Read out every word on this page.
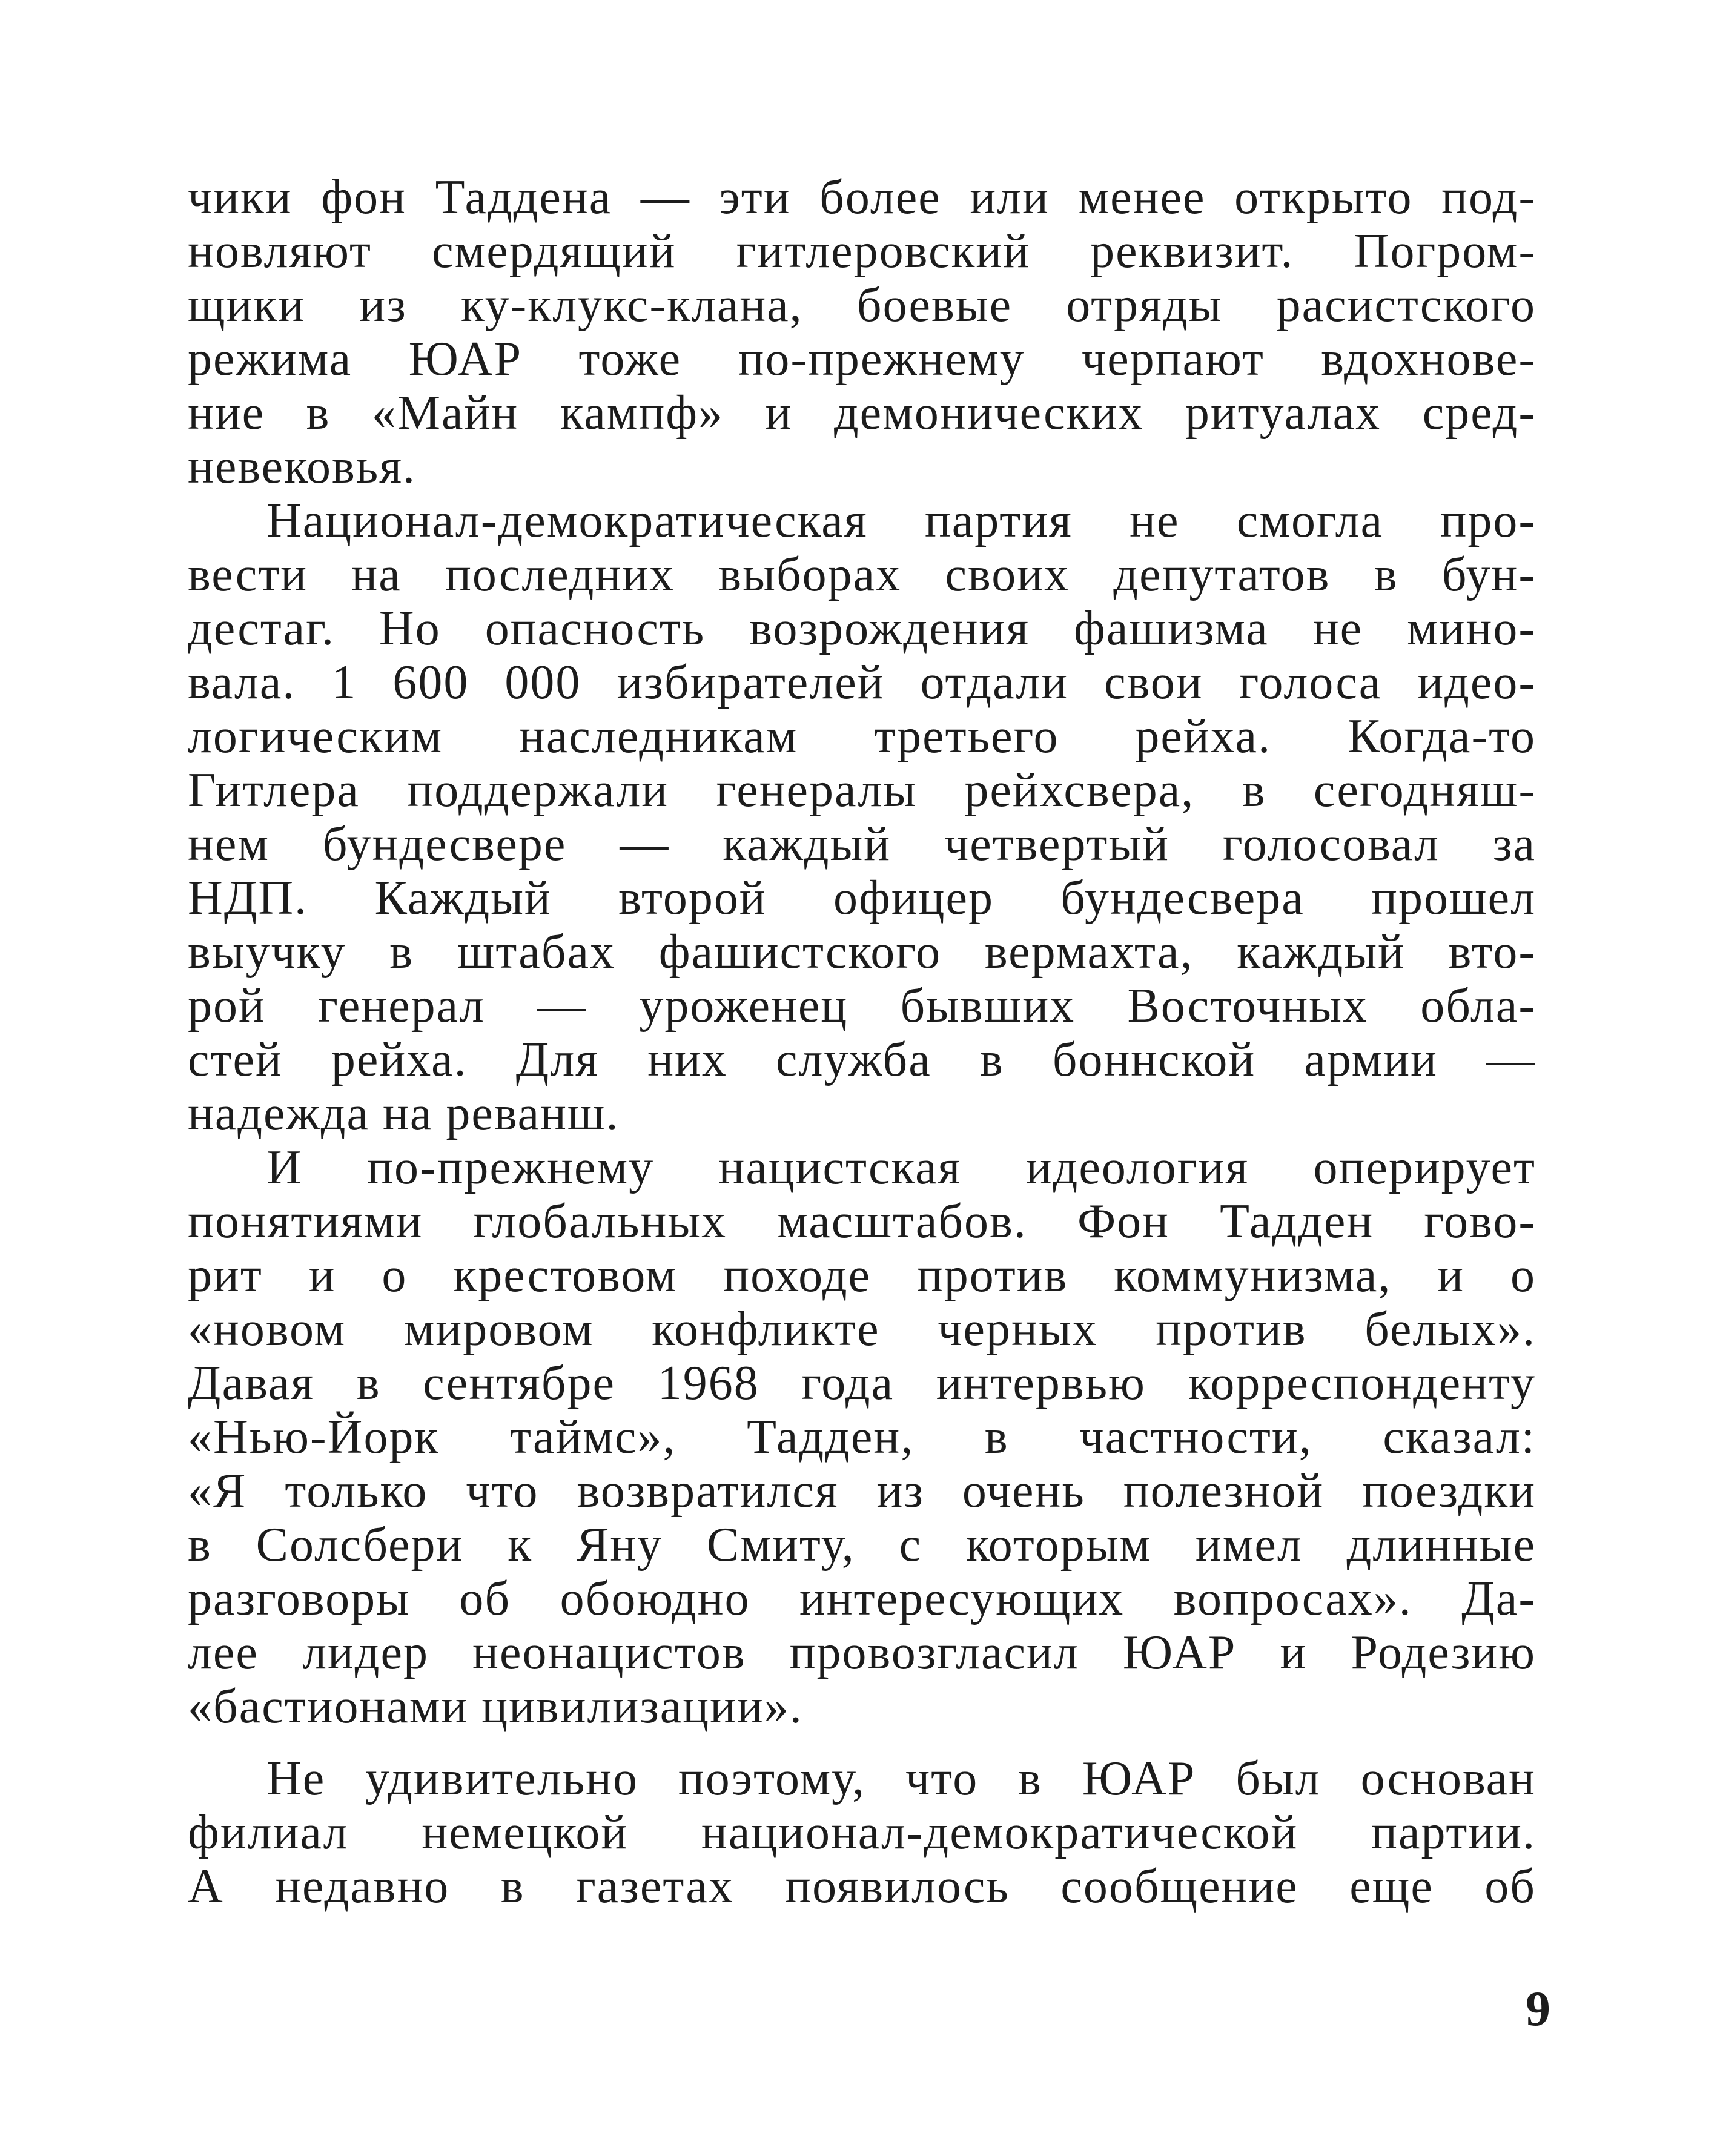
чики фон Таддена — эти более или менее открыто под-
новляют смердящий гитлеровский реквизит. Погром-
щики из ку-клукс-клана, боевые отряды расистского
режима ЮАР тоже по-прежнему черпают вдохнове-
ние в «Майн кампф» и демонических ритуалах сред-
невековья.
Национал-демократическая партия не смогла про-
вести на последних выборах своих депутатов в бун-
дестаг. Но опасность возрождения фашизма не мино-
вала. 1 600 000 избирателей отдали свои голоса идео-
логическим наследникам третьего рейха. Когда-то
Гитлера поддержали генералы рейхсвера, в сегодняш-
нем бундесвере — каждый четвертый голосовал за
НДП. Каждый второй офицер бундесвера прошел
выучку в штабах фашистского вермахта, каждый вто-
рой генерал — уроженец бывших Восточных обла-
стей рейха. Для них служба в боннской армии —
надежда на реванш.
И по-прежнему нацистская идеология оперирует
понятиями глобальных масштабов. Фон Тадден гово-
рит и о крестовом походе против коммунизма, и о
«новом мировом конфликте черных против белых».
Давая в сентябре 1968 года интервью корреспонденту
«Нью-Йорк таймс», Тадден, в частности, сказал:
«Я только что возвратился из очень полезной поездки
в Солсбери к Яну Смиту, с которым имел длинные
разговоры об обоюдно интересующих вопросах». Да-
лее лидер неонацистов провозгласил ЮАР и Родезию
«бастионами цивилизации».
Не удивительно поэтому, что в ЮАР был основан
филиал немецкой национал-демократической партии.
А недавно в газетах появилось сообщение еще об
9
